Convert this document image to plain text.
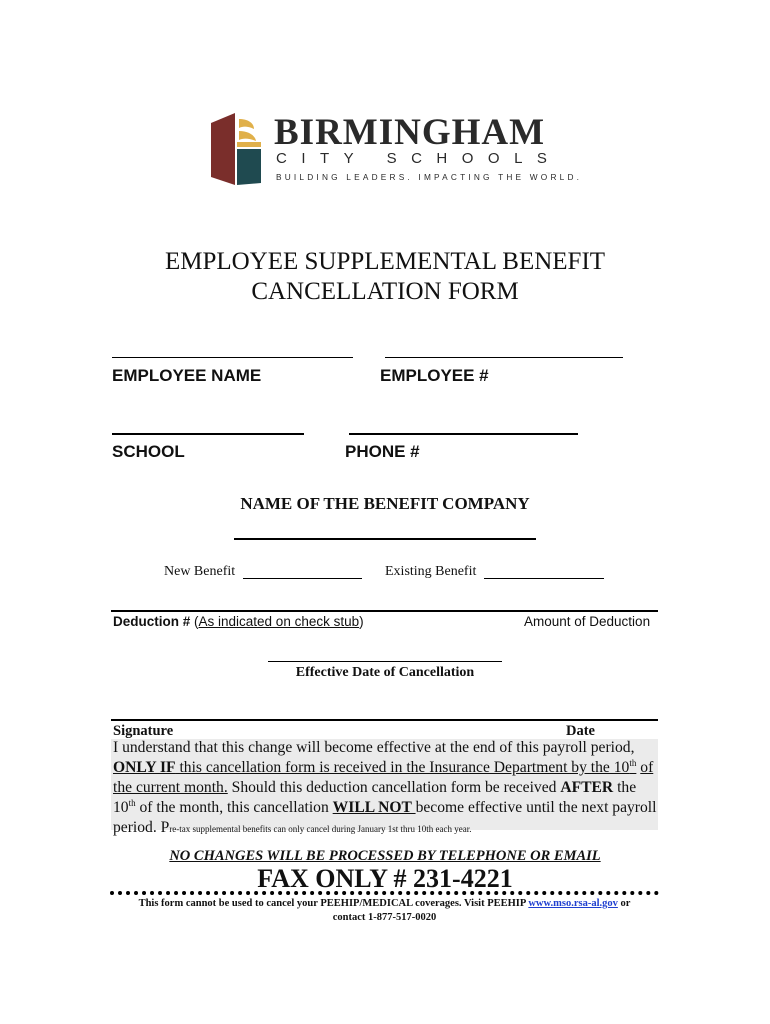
BIRMINGHAM
CITY SCHOOLS
BUILDING LEADERS. IMPACTING THE WORLD.
EMPLOYEE SUPPLEMENTAL BENEFIT
CANCELLATION FORM
EMPLOYEE NAME	EMPLOYEE #
SCHOOL	PHONE #
NAME OF THE BENEFIT COMPANY
New Benefit	Existing Benefit
Deduction # (As indicated on check stub)	Amount of Deduction
Effective Date of Cancellation
Signature	Date
I understand that this change will become effective at the end of this payroll period, ONLY IF this cancellation form is received in the Insurance Department by the 10th of the current month. Should this deduction cancellation form be received AFTER the 10th of the month, this cancellation WILL NOT become effective until the next payroll period. Pre-tax supplemental benefits can only cancel during January 1st thru 10th each year.
NO CHANGES WILL BE PROCESSED BY TELEPHONE OR EMAIL
FAX ONLY # 231-4221
This form cannot be used to cancel your PEEHIP/MEDICAL coverages. Visit PEEHIP www.mso.rsa-al.gov or
contact 1-877-517-0020
